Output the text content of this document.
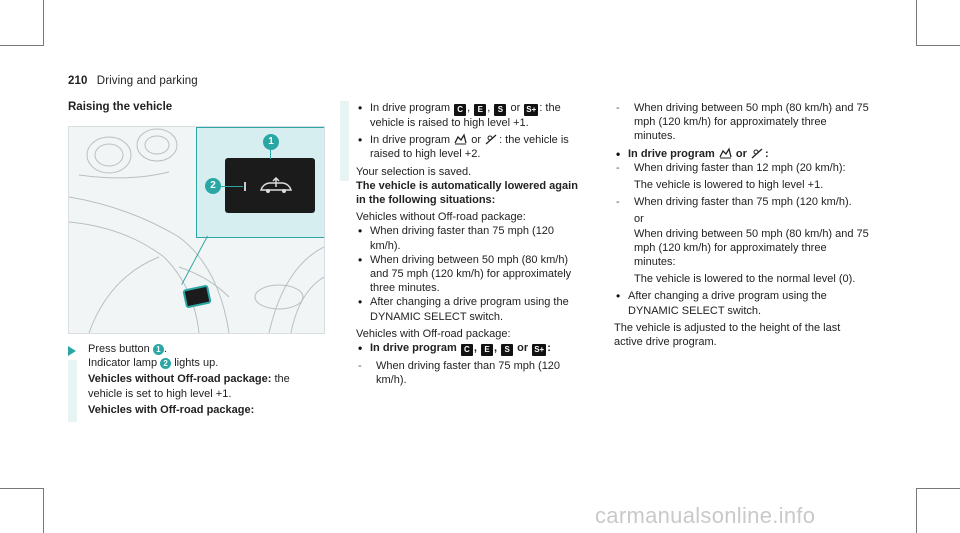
210 Driving and parking
Raising the vehicle
1
2
Press button 1 .
Indicator lamp 2 lights up.
Vehicles without Off-road package: the vehicle is set to high level +1.
Vehicles with Off-road package:
• In drive program C , E , S or S+ : the vehicle is raised to high level +1.
• In drive program or : the vehicle is raised to high level +2.
Your selection is saved.
The vehicle is automatically lowered again in the following situations:
Vehicles without Off-road package:
• When driving faster than 75 mph (120 km/h).
• When driving between 50 mph (80 km/h) and 75 mph (120 km/h) for approximately three minutes.
• After changing a drive program using the DYNAMIC SELECT switch.
Vehicles with Off-road package:
• In drive program C , E , S or S+ :
- When driving faster than 75 mph (120 km/h).
- When driving between 50 mph (80 km/h) and 75 mph (120 km/h) for approximately three minutes.
• In drive program or :
- When driving faster than 12 mph (20 km/h):
The vehicle is lowered to high level +1.
- When driving faster than 75 mph (120 km/h).
or
When driving between 50 mph (80 km/h) and 75 mph (120 km/h) for approximately three minutes:
The vehicle is lowered to the normal level (0).
• After changing a drive program using the DYNAMIC SELECT switch.
The vehicle is adjusted to the height of the last active drive program.
carmanualsonline.info
